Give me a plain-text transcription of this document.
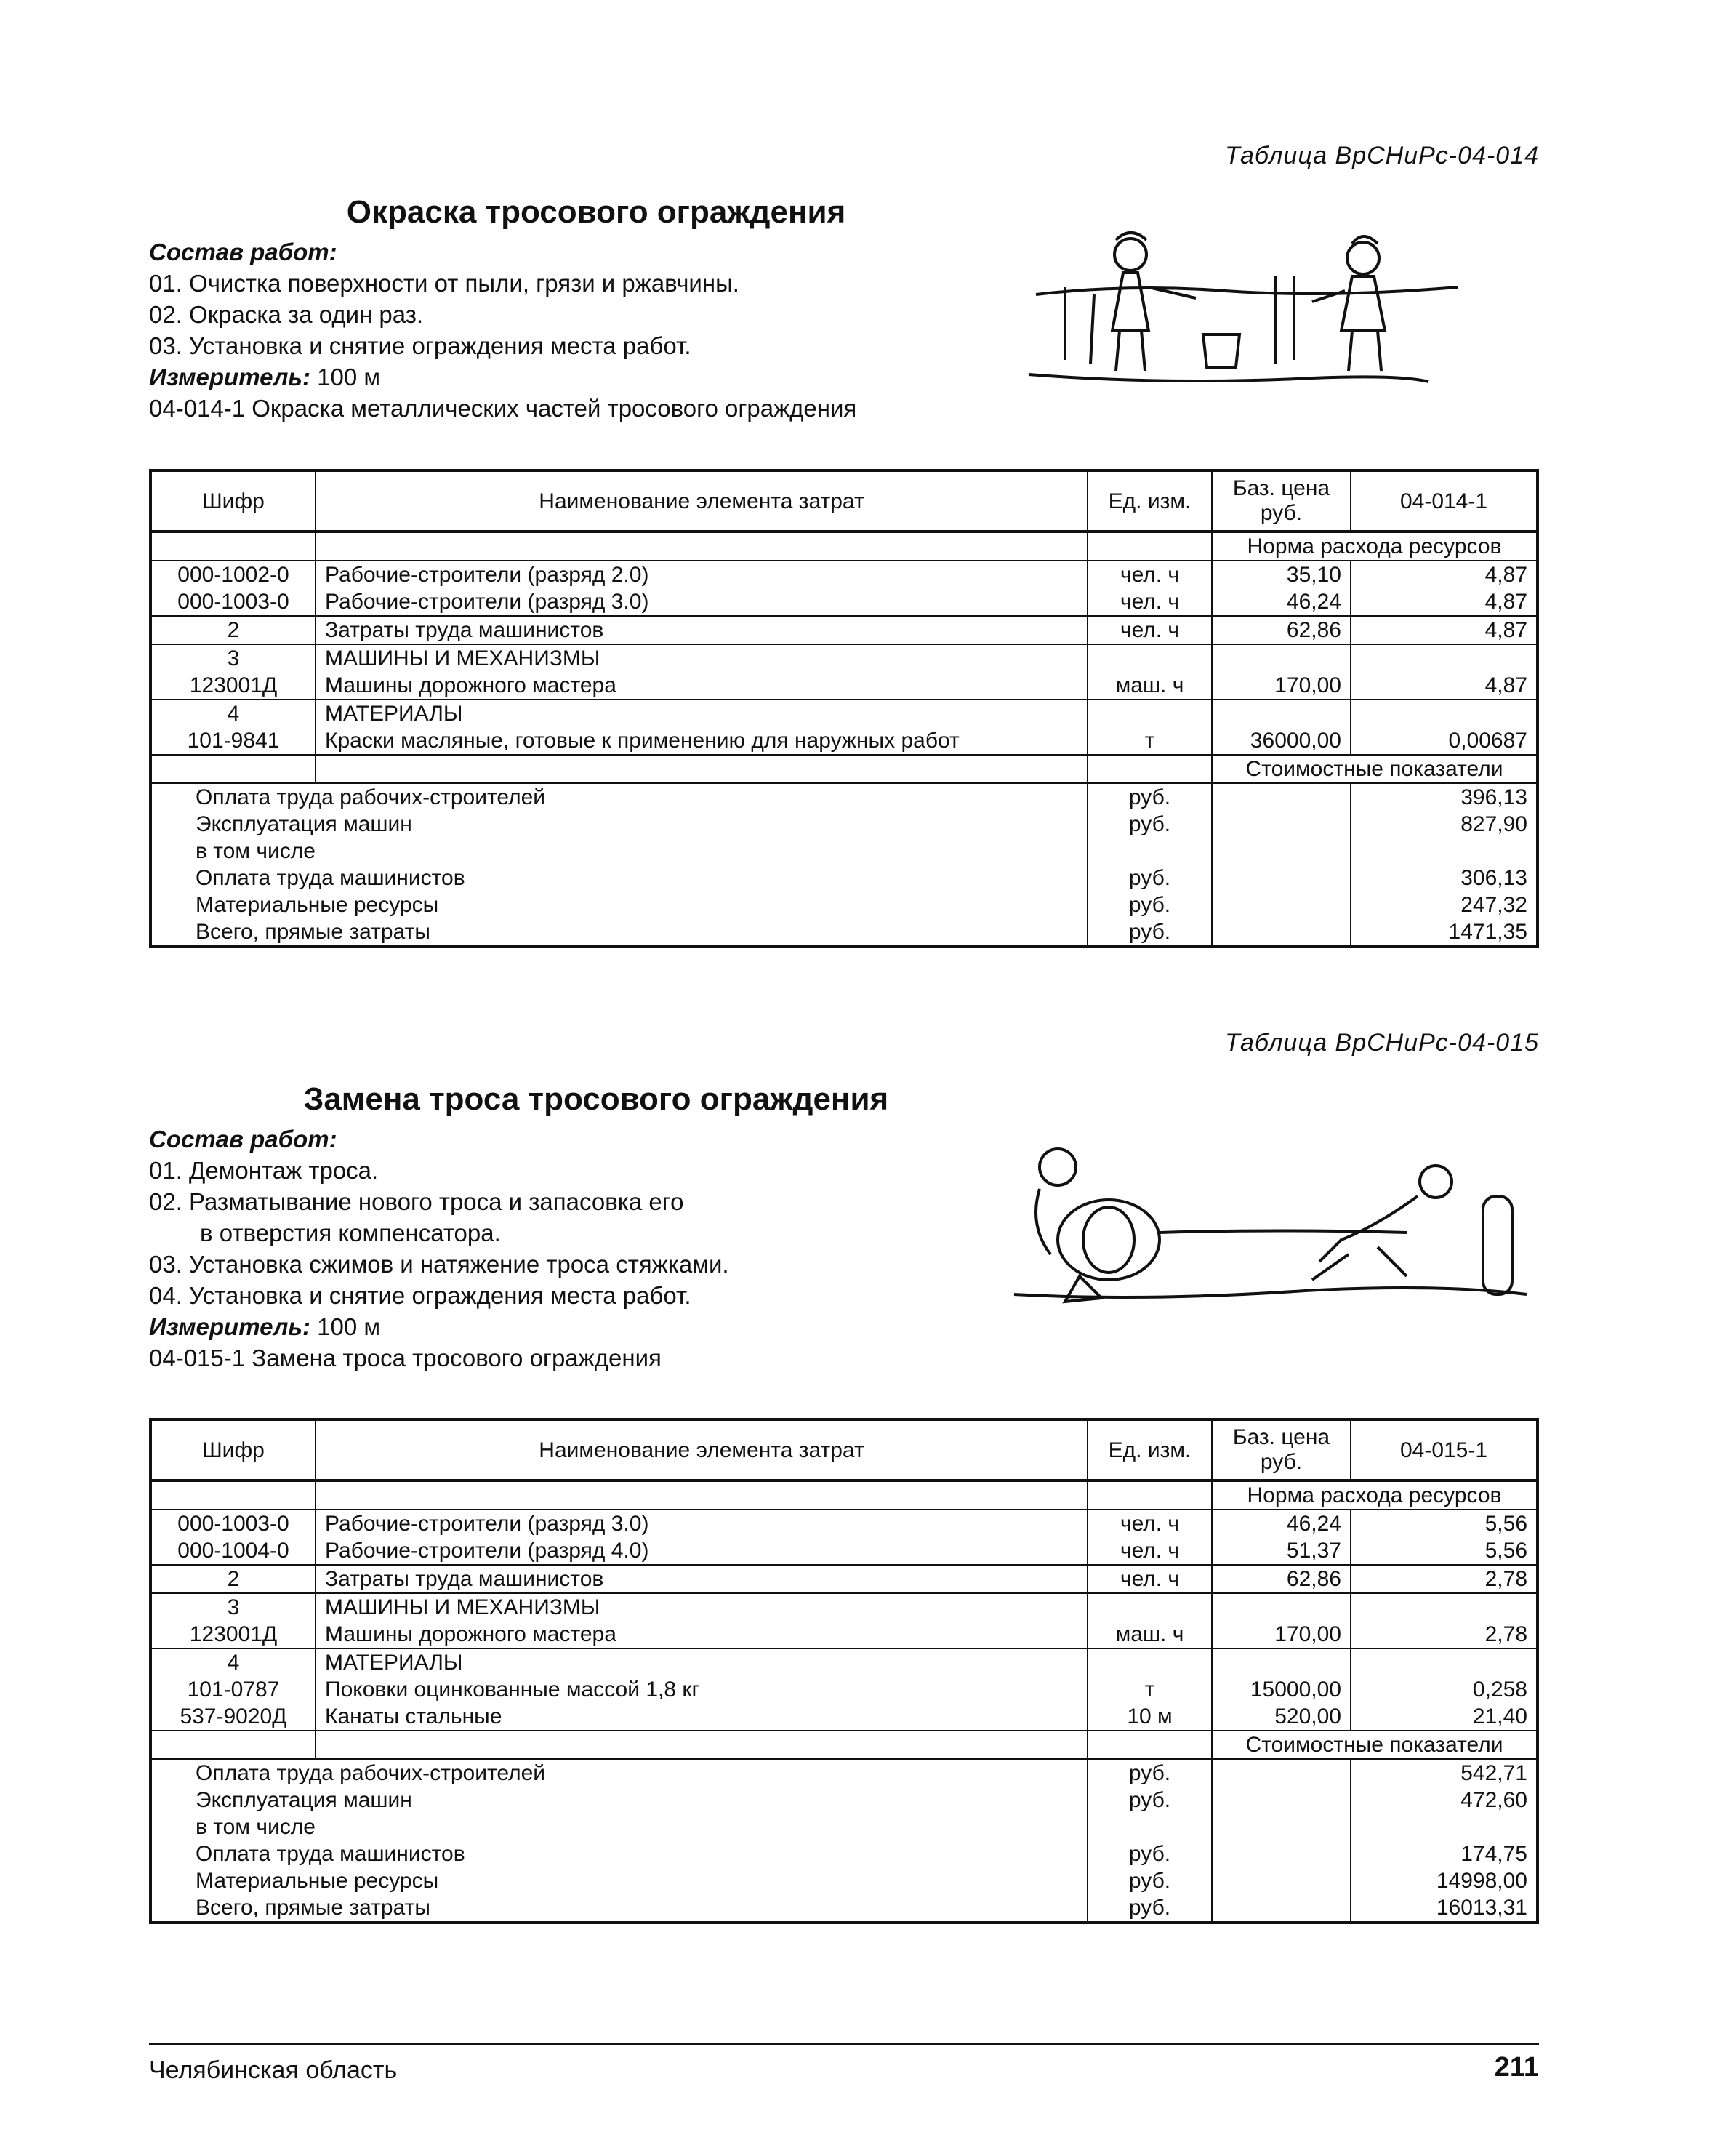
Таблица ВрСНиРс-04-014
Окраска тросового ограждения
Состав работ:
01. Очистка поверхности от пыли, грязи и ржавчины.
02. Окраска за один раз.
03. Установка и снятие ограждения места работ.
Измеритель: 100 м
04-014-1 Окраска металлических частей тросового ограждения
Шифр	Наименование элемента затрат	Ед. изм.	Баз. цена руб.	04-014-1
			Норма расхода ресурсов	
000-1002-0	Рабочие-строители (разряд 2.0)	чел. ч	35,10	4,87
000-1003-0	Рабочие-строители (разряд 3.0)	чел. ч	46,24	4,87
2	Затраты труда машинистов	чел. ч	62,86	4,87
3	МАШИНЫ И МЕХАНИЗМЫ			
123001Д	Машины дорожного мастера	маш. ч	170,00	4,87
4	МАТЕРИАЛЫ			
101-9841	Краски масляные, готовые к применению для наружных работ	т	36000,00	0,00687
			Стоимостные показатели	
Оплата труда рабочих-строителей		руб.		396,13
Эксплуатация машин		руб.		827,90
в том числе				
Оплата труда машинистов		руб.		306,13
Материальные ресурсы		руб.		247,32
Всего, прямые затраты		руб.		1471,35
Таблица ВрСНиРс-04-015
Замена троса тросового ограждения
Состав работ:
01. Демонтаж троса.
02. Разматывание нового троса и запасовка его
в отверстия компенсатора.
03. Установка сжимов и натяжение троса стяжками.
04. Установка и снятие ограждения места работ.
Измеритель: 100 м
04-015-1 Замена троса тросового ограждения
Шифр	Наименование элемента затрат	Ед. изм.	Баз. цена руб.	04-015-1
			Норма расхода ресурсов	
000-1003-0	Рабочие-строители (разряд 3.0)	чел. ч	46,24	5,56
000-1004-0	Рабочие-строители (разряд 4.0)	чел. ч	51,37	5,56
2	Затраты труда машинистов	чел. ч	62,86	2,78
3	МАШИНЫ И МЕХАНИЗМЫ			
123001Д	Машины дорожного мастера	маш. ч	170,00	2,78
4	МАТЕРИАЛЫ			
101-0787	Поковки оцинкованные массой 1,8 кг	т	15000,00	0,258
537-9020Д	Канаты стальные	10 м	520,00	21,40
			Стоимостные показатели	
Оплата труда рабочих-строителей		руб.		542,71
Эксплуатация машин		руб.		472,60
в том числе				
Оплата труда машинистов		руб.		174,75
Материальные ресурсы		руб.		14998,00
Всего, прямые затраты		руб.		16013,31
Челябинская область	211
